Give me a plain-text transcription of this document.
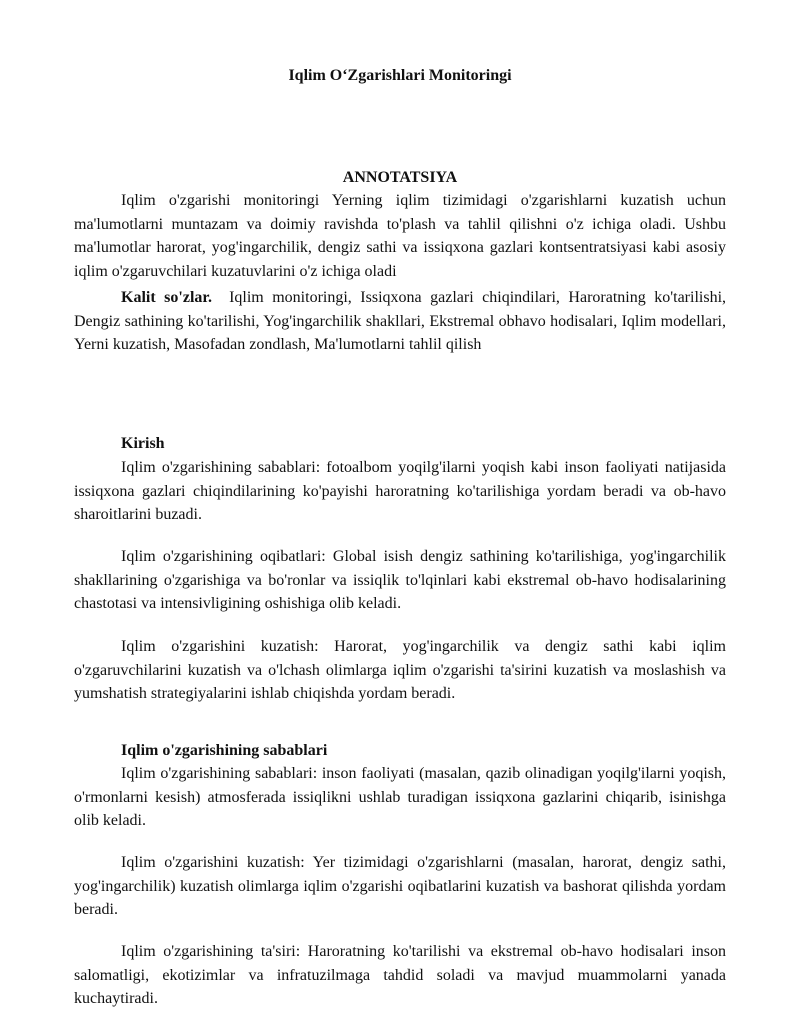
Iqlim O‘Zgarishlari Monitoringi
ANNOTATSIYA

Iqlim o'zgarishi monitoringi Yerning iqlim tizimidagi o'zgarishlarni kuzatish uchun ma'lumotlarni muntazam va doimiy ravishda to'plash va tahlil qilishni o'z ichiga oladi. Ushbu ma'lumotlar harorat, yog'ingarchilik, dengiz sathi va issiqxona gazlari kontsentratsiyasi kabi asosiy iqlim o'zgaruvchilari kuzatuvlarini o'z ichiga oladi

Kalit so'zlar. Iqlim monitoringi, Issiqxona gazlari chiqindilari, Haroratning ko'tarilishi, Dengiz sathining ko'tarilishi, Yog'ingarchilik shakllari, Ekstremal obhavo hodisalari, Iqlim modellari, Yerni kuzatish, Masofadan zondlash, Ma'lumotlarni tahlil qilish

Kirish

Iqlim o'zgarishining sabablari: fotoalbom yoqilg'ilarni yoqish kabi inson faoliyati natijasida issiqxona gazlari chiqindilarining ko'payishi haroratning ko'tarilishiga yordam beradi va ob-havo sharoitlarini buzadi.

Iqlim o'zgarishining oqibatlari: Global isish dengiz sathining ko'tarilishiga, yog'ingarchilik shakllarining o'zgarishiga va bo'ronlar va issiqlik to'lqinlari kabi ekstremal ob-havo hodisalarining chastotasi va intensivligining oshishiga olib keladi.

Iqlim o'zgarishini kuzatish: Harorat, yog'ingarchilik va dengiz sathi kabi iqlim o'zgaruvchilarini kuzatish va o'lchash olimlarga iqlim o'zgarishi ta'sirini kuzatish va moslashish va yumshatish strategiyalarini ishlab chiqishda yordam beradi.

Iqlim o'zgarishining sabablari

Iqlim o'zgarishining sabablari: inson faoliyati (masalan, qazib olinadigan yoqilg'ilarni yoqish, o'rmonlarni kesish) atmosferada issiqlikni ushlab turadigan issiqxona gazlarini chiqarib, isinishga olib keladi.

Iqlim o'zgarishini kuzatish: Yer tizimidagi o'zgarishlarni (masalan, harorat, dengiz sathi, yog'ingarchilik) kuzatish olimlarga iqlim o'zgarishi oqibatlarini kuzatish va bashorat qilishda yordam beradi.

Iqlim o'zgarishining ta'siri: Haroratning ko'tarilishi va ekstremal ob-havo hodisalari inson salomatligi, ekotizimlar va infratuzilmaga tahdid soladi va mavjud muammolarni yanada kuchaytiradi.
